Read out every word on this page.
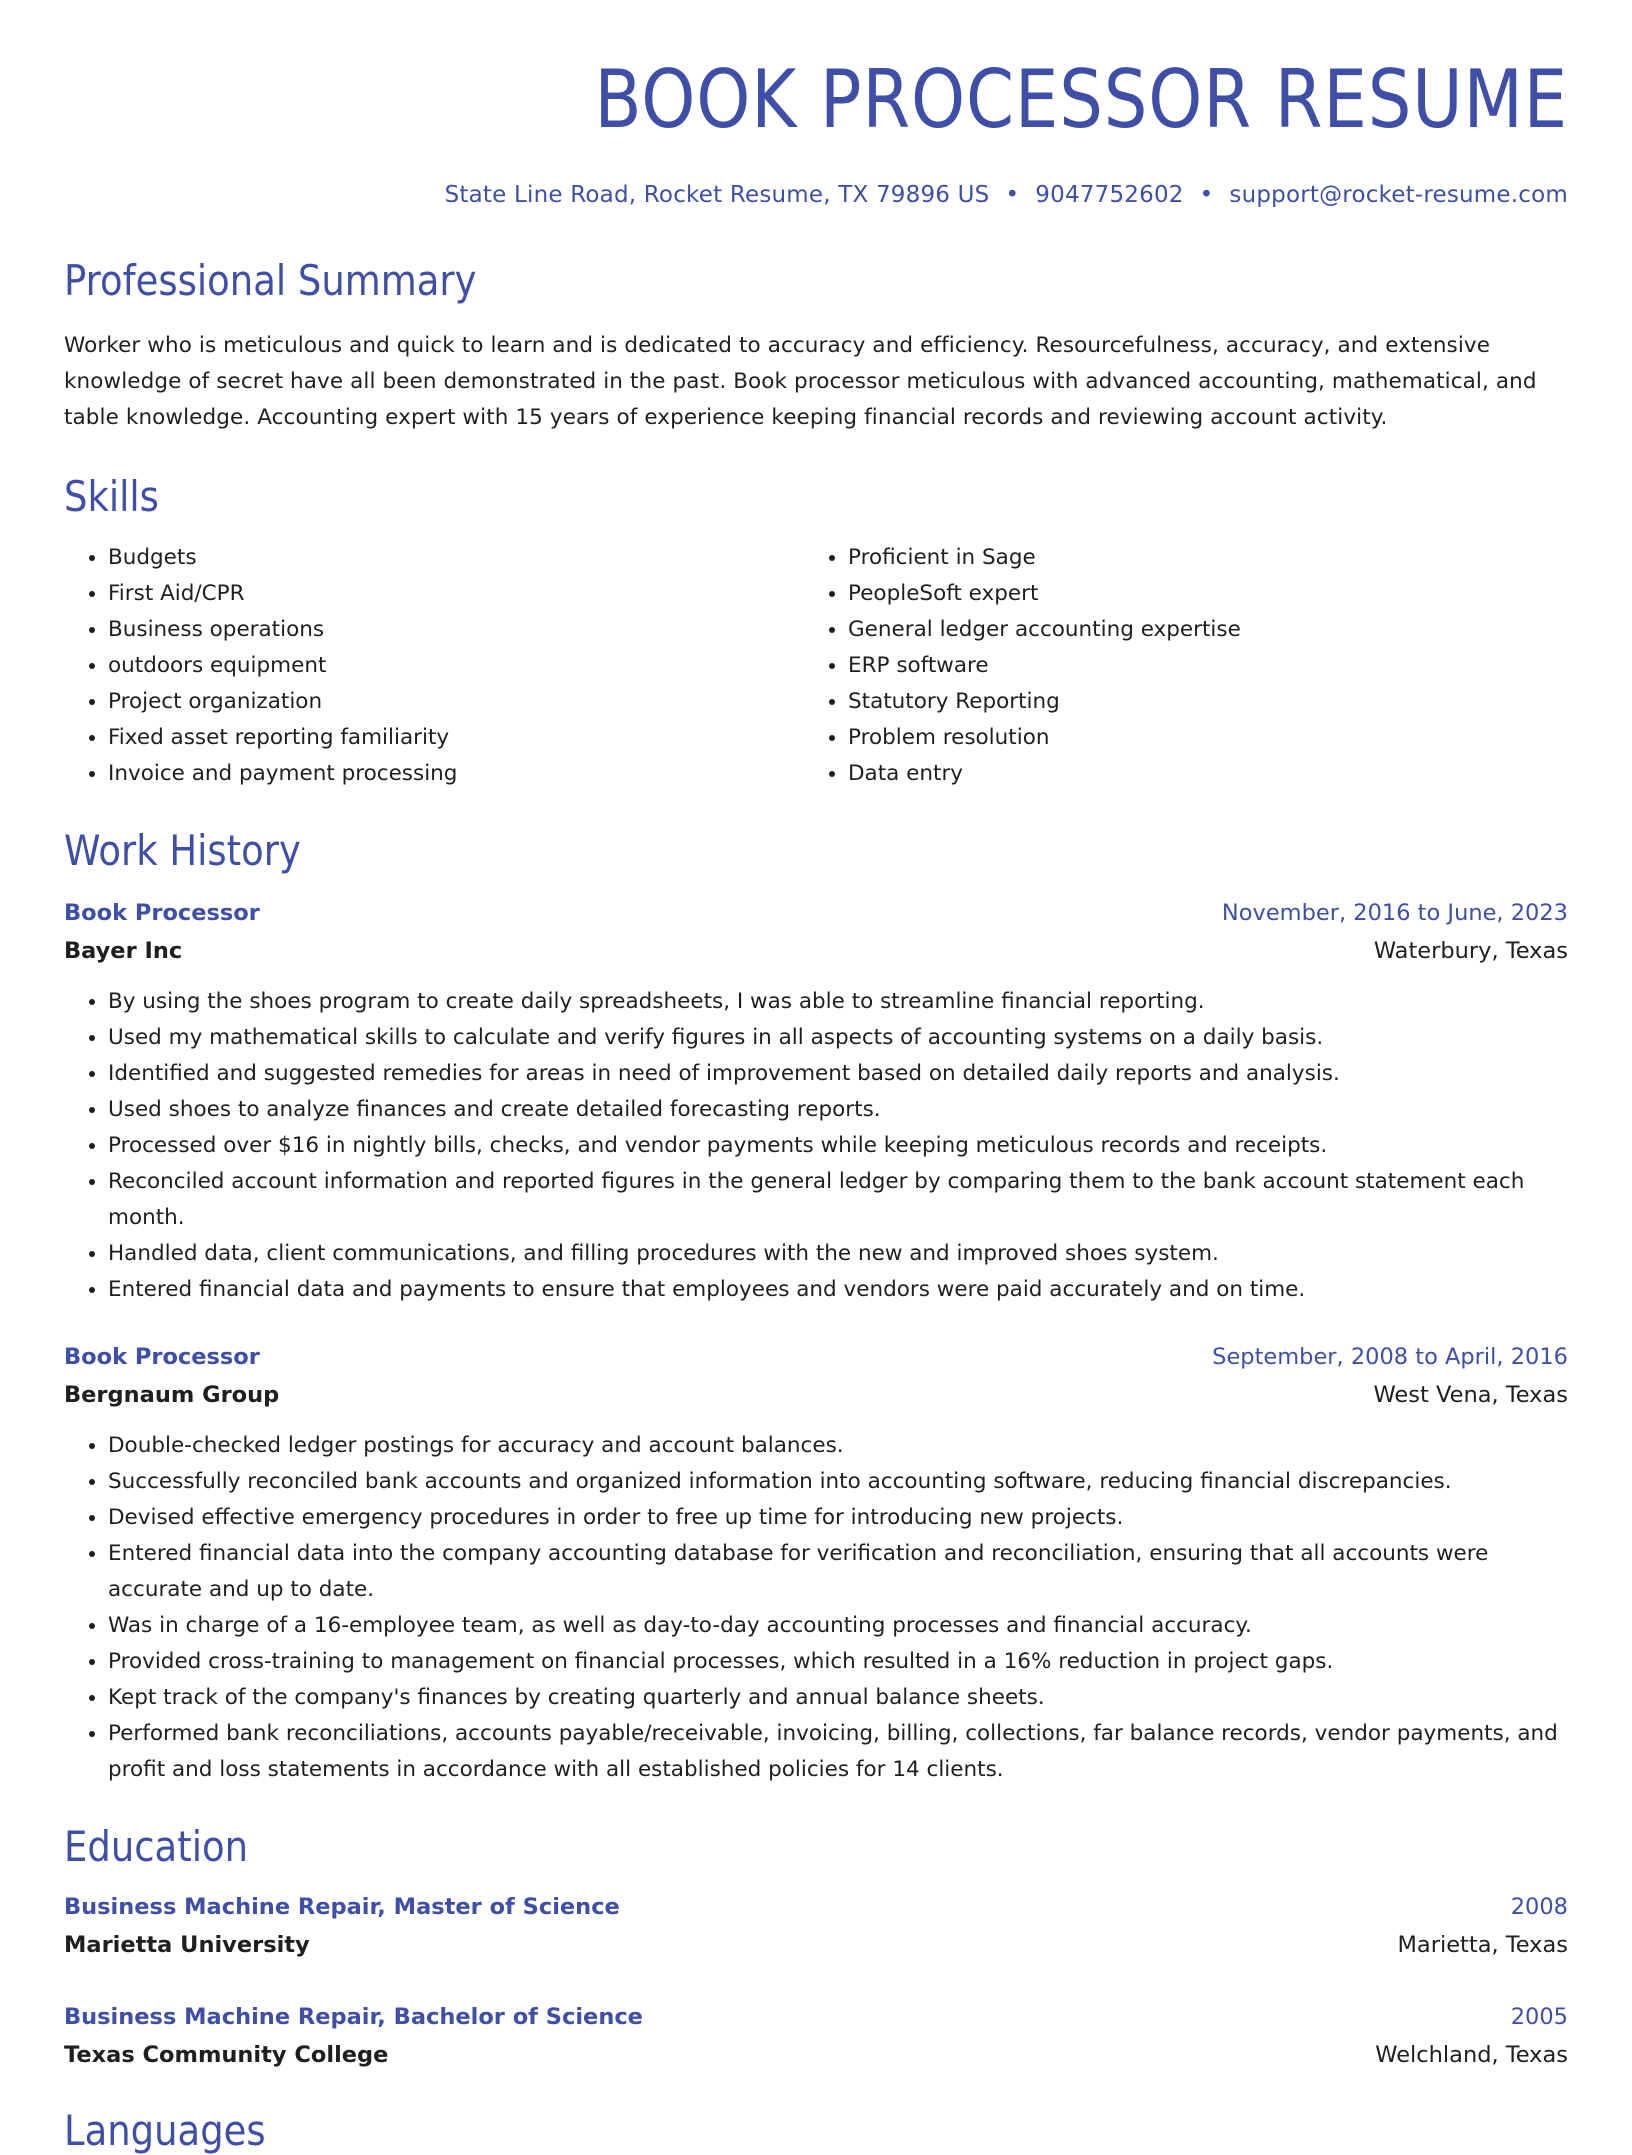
BOOK PROCESSOR RESUME
State Line Road, Rocket Resume, TX 79896 US • 9047752602 • support@rocket-resume.com
Professional Summary

Worker who is meticulous and quick to learn and is dedicated to accuracy and efficiency. Resourcefulness, accuracy, and extensive knowledge of secret have all been demonstrated in the past. Book processor meticulous with advanced accounting, mathematical, and table knowledge. Accounting expert with 15 years of experience keeping financial records and reviewing account activity.

Skills
• Budgets
• First Aid/CPR
• Business operations
• outdoors equipment
• Project organization
• Fixed asset reporting familiarity
• Invoice and payment processing
• Proficient in Sage
• PeopleSoft expert
• General ledger accounting expertise
• ERP software
• Statutory Reporting
• Problem resolution
• Data entry
Work History
Book Processor	November, 2016 to June, 2023
Bayer Inc	Waterbury, Texas
• By using the shoes program to create daily spreadsheets, I was able to streamline financial reporting.
• Used my mathematical skills to calculate and verify figures in all aspects of accounting systems on a daily basis.
• Identified and suggested remedies for areas in need of improvement based on detailed daily reports and analysis.
• Used shoes to analyze finances and create detailed forecasting reports.
• Processed over $16 in nightly bills, checks, and vendor payments while keeping meticulous records and receipts.
• Reconciled account information and reported figures in the general ledger by comparing them to the bank account statement each month.
• Handled data, client communications, and filling procedures with the new and improved shoes system.
• Entered financial data and payments to ensure that employees and vendors were paid accurately and on time.
Book Processor	September, 2008 to April, 2016
Bergnaum Group	West Vena, Texas
• Double-checked ledger postings for accuracy and account balances.
• Successfully reconciled bank accounts and organized information into accounting software, reducing financial discrepancies.
• Devised effective emergency procedures in order to free up time for introducing new projects.
• Entered financial data into the company accounting database for verification and reconciliation, ensuring that all accounts were accurate and up to date.
• Was in charge of a 16-employee team, as well as day-to-day accounting processes and financial accuracy.
• Provided cross-training to management on financial processes, which resulted in a 16% reduction in project gaps.
• Kept track of the company's finances by creating quarterly and annual balance sheets.
• Performed bank reconciliations, accounts payable/receivable, invoicing, billing, collections, far balance records, vendor payments, and profit and loss statements in accordance with all established policies for 14 clients.
Education
Business Machine Repair, Master of Science	2008
Marietta University	Marietta, Texas
Business Machine Repair, Bachelor of Science	2005
Texas Community College	Welchland, Texas
Languages
